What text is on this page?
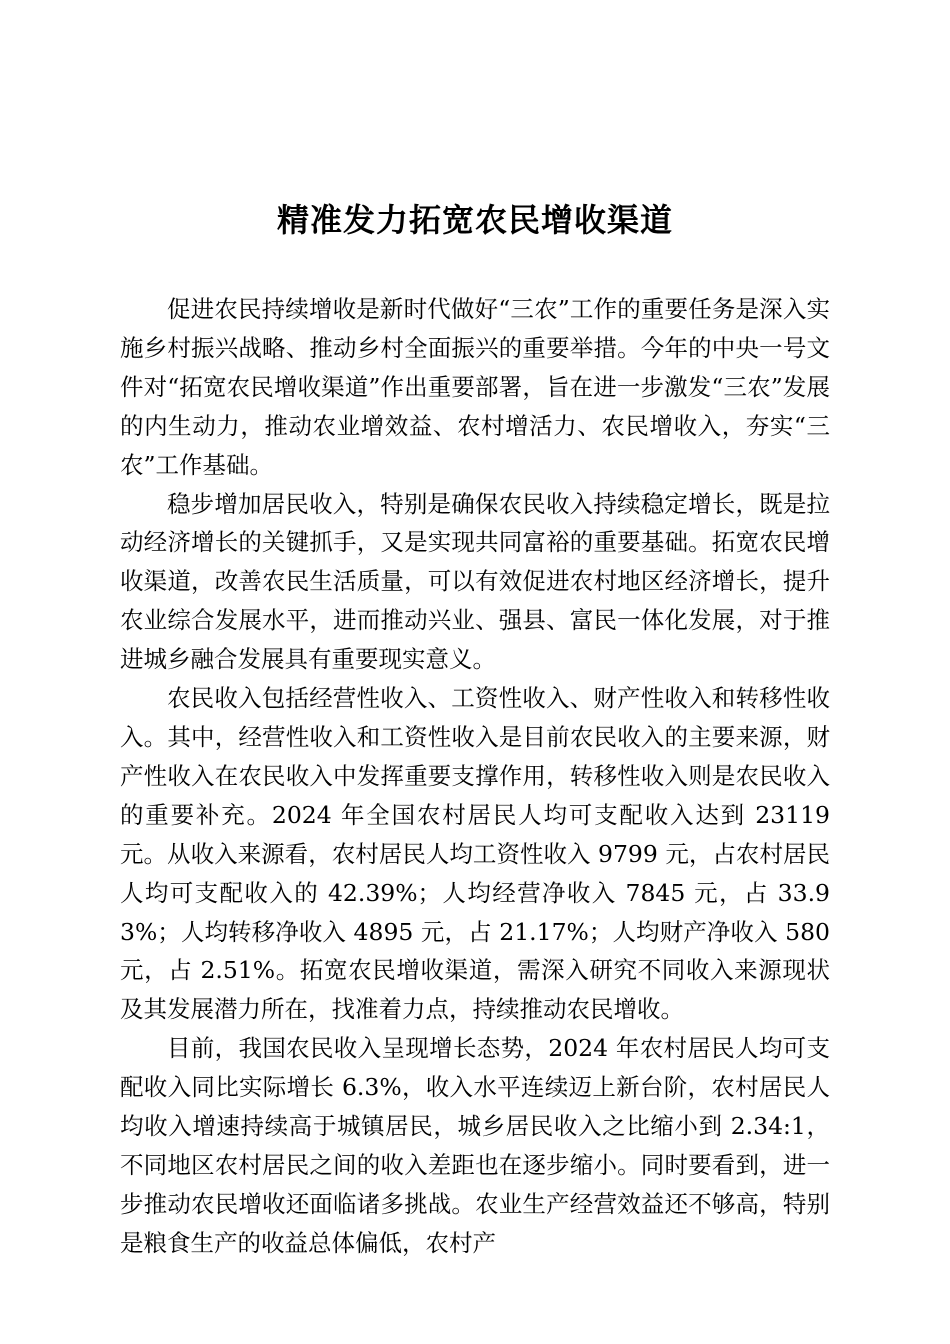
精准发力拓宽农民增收渠道

促进农民持续增收是新时代做好“三农”工作的重要任务是深入实施乡村振兴战略、推动乡村全面振兴的重要举措。今年的中央一号文件对“拓宽农民增收渠道”作出重要部署，旨在进一步激发“三农”发展的内生动力，推动农业增效益、农村增活力、农民增收入，夯实“三农”工作基础。

稳步增加居民收入，特别是确保农民收入持续稳定增长，既是拉动经济增长的关键抓手，又是实现共同富裕的重要基础。拓宽农民增收渠道，改善农民生活质量，可以有效促进农村地区经济增长，提升农业综合发展水平，进而推动兴业、强县、富民一体化发展，对于推进城乡融合发展具有重要现实意义。

农民收入包括经营性收入、工资性收入、财产性收入和转移性收入。其中，经营性收入和工资性收入是目前农民收入的主要来源，财产性收入在农民收入中发挥重要支撑作用，转移性收入则是农民收入的重要补充。2024 年全国农村居民人均可支配收入达到 23119 元。从收入来源看，农村居民人均工资性收入 9799 元，占农村居民人均可支配收入的 42.39%；人均经营净收入 7845 元，占 33.93%；人均转移净收入 4895 元，占 21.17%；人均财产净收入 580 元，占 2.51%。拓宽农民增收渠道，需深入研究不同收入来源现状及其发展潜力所在，找准着力点，持续推动农民增收。

目前，我国农民收入呈现增长态势，2024 年农村居民人均可支配收入同比实际增长 6.3%，收入水平连续迈上新台阶，农村居民人均收入增速持续高于城镇居民，城乡居民收入之比缩小到 2.34:1，不同地区农村居民之间的收入差距也在逐步缩小。同时要看到，进一步推动农民增收还面临诸多挑战。农业生产经营效益还不够高，特别是粮食生产的收益总体偏低，农村产
